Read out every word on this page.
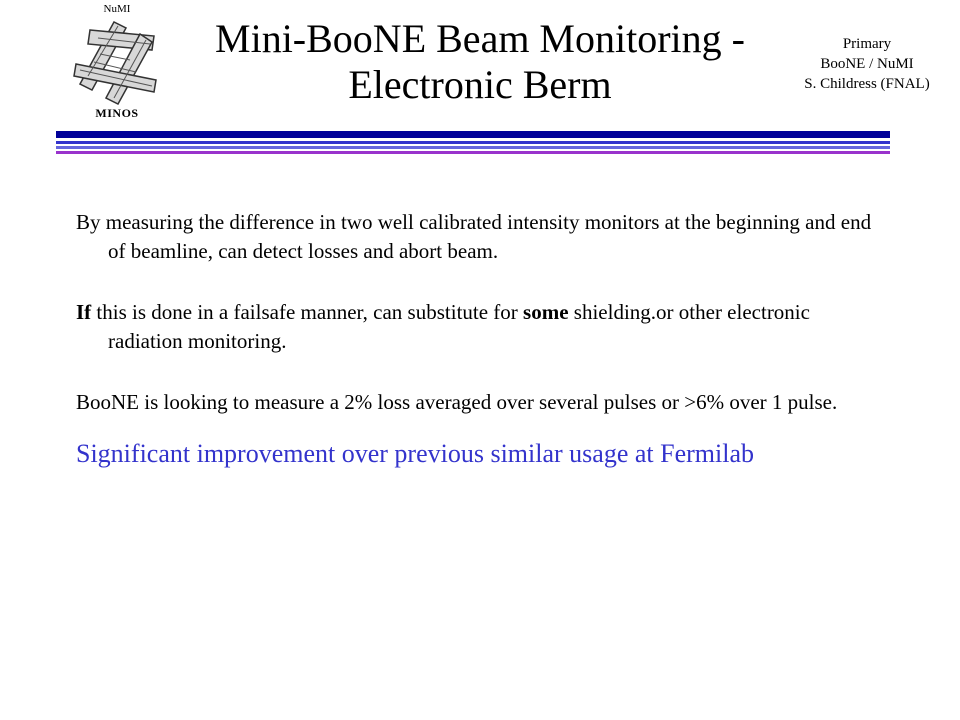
NuMI
MINOS
Mini-BooNE Beam Monitoring -
Electronic Berm
Primary
BooNE / NuMI
S. Childress (FNAL)

By measuring the difference in two well calibrated intensity monitors at the beginning and end of beamline, can detect losses and abort beam.

If this is done in a failsafe manner, can substitute for some shielding.or other electronic radiation monitoring.

BooNE is looking to measure a 2% loss averaged over several pulses or >6% over 1 pulse.

Significant improvement over previous similar usage at Fermilab
